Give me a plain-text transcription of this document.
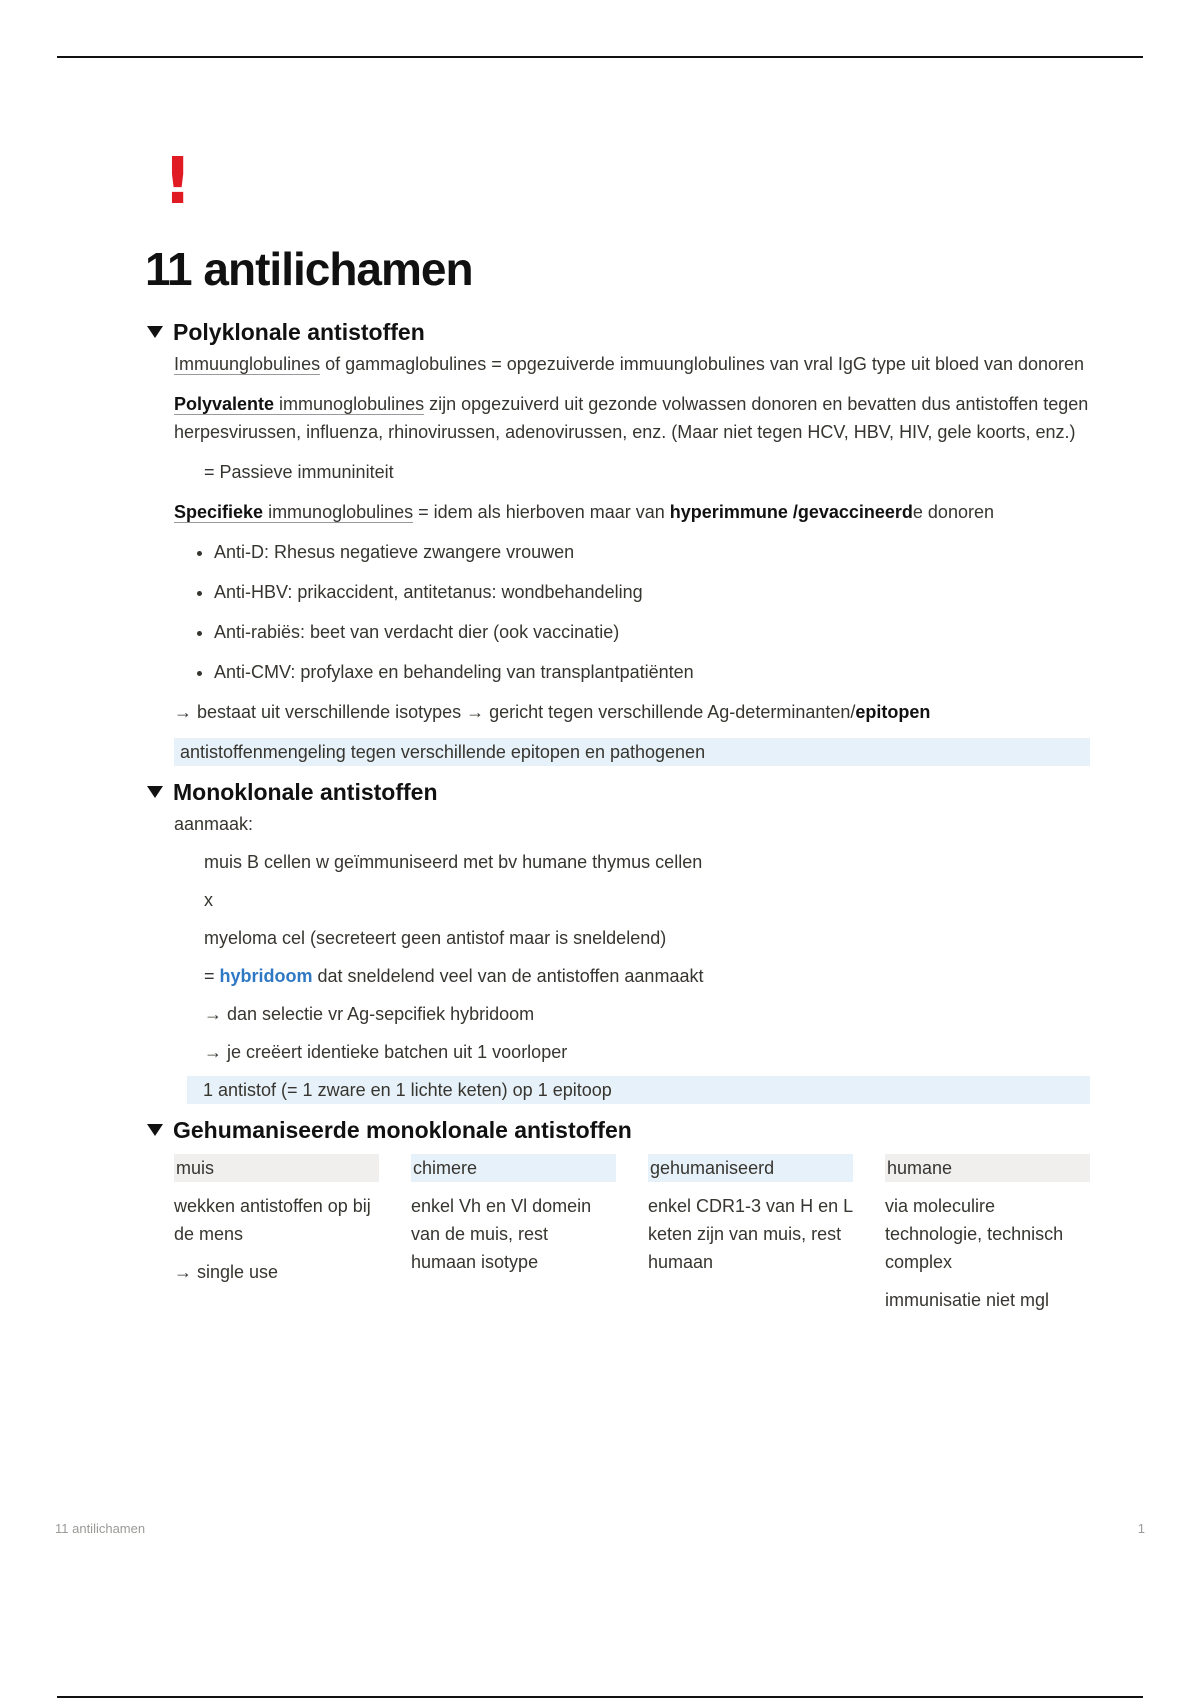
!
11 antilichamen
Polyklonale antistoffen

Immuunglobulines of gammaglobulines = opgezuiverde immuunglobulines van vral IgG type uit bloed van donoren

Polyvalente immunoglobulines zijn opgezuiverd uit gezonde volwassen donoren en bevatten dus antistoffen tegen herpesvirussen, influenza, rhinovirussen, adenovirussen, enz. (Maar niet tegen HCV, HBV, HIV, gele koorts, enz.)

= Passieve immuniniteit

Specifieke immunoglobulines = idem als hierboven maar van hyperimmune /gevaccineerde donoren

• Anti-D: Rhesus negatieve zwangere vrouwen
• Anti-HBV: prikaccident, antitetanus: wondbehandeling
• Anti-rabiës: beet van verdacht dier (ook vaccinatie)
• Anti-CMV: profylaxe en behandeling van transplantpatiënten

→ bestaat uit verschillende isotypes → gericht tegen verschillende Ag-determinanten/epitopen

antistoffenmengeling tegen verschillende epitopen en pathogenen
Monoklonale antistoffen

aanmaak:

muis B cellen w geïmmuniseerd met bv humane thymus cellen

x

myeloma cel (secreteert geen antistof maar is sneldelend)

= hybridoom dat sneldelend veel van de antistoffen aanmaakt

→ dan selectie vr Ag-sepcifiek hybridoom

→ je creëert identieke batchen uit 1 voorloper

1 antistof (= 1 zware en 1 lichte keten) op 1 epitoop
Gehumaniseerde monoklonale antistoffen
muis

wekken antistoffen op bij de mens

→ single use

chimere

enkel Vh en Vl domein van de muis, rest humaan isotype

gehumaniseerd

enkel CDR1-3 van H en L keten zijn van muis, rest humaan

humane

via moleculire technologie, technisch complex

immunisatie niet mgl

11 antilichamen	1
